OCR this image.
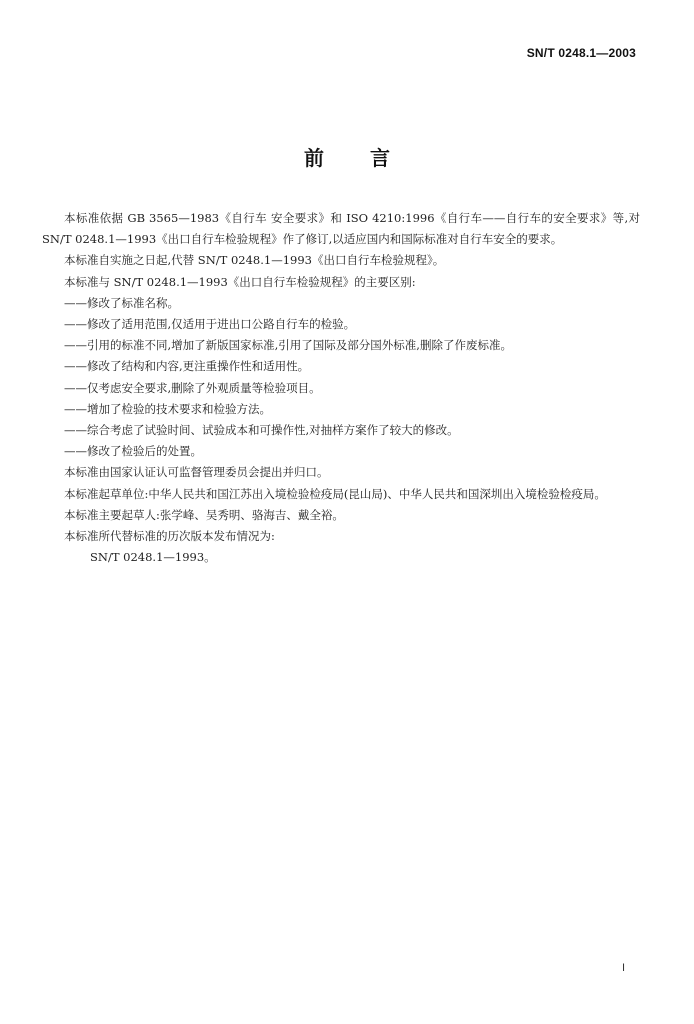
SN/T 0248.1—2003
前 言

本标准依据 GB 3565—1983《自行车 安全要求》和 ISO 4210:1996《自行车——自行车的安全要求》等,对 SN/T 0248.1—1993《出口自行车检验规程》作了修订,以适应国内和国际标准对自行车安全的要求。

本标准自实施之日起,代替 SN/T 0248.1—1993《出口自行车检验规程》。

本标准与 SN/T 0248.1—1993《出口自行车检验规程》的主要区别:

——修改了标准名称。

——修改了适用范围,仅适用于进出口公路自行车的检验。

——引用的标准不同,增加了新版国家标准,引用了国际及部分国外标准,删除了作废标准。

——修改了结构和内容,更注重操作性和适用性。

——仅考虑安全要求,删除了外观质量等检验项目。

——增加了检验的技术要求和检验方法。

——综合考虑了试验时间、试验成本和可操作性,对抽样方案作了较大的修改。

——修改了检验后的处置。

本标准由国家认证认可监督管理委员会提出并归口。

本标准起草单位:中华人民共和国江苏出入境检验检疫局(昆山局)、中华人民共和国深圳出入境检验检疫局。

本标准主要起草人:张学峰、吴秀明、骆海吉、戴全裕。

本标准所代替标准的历次版本发布情况为:

SN/T 0248.1—1993。

I
